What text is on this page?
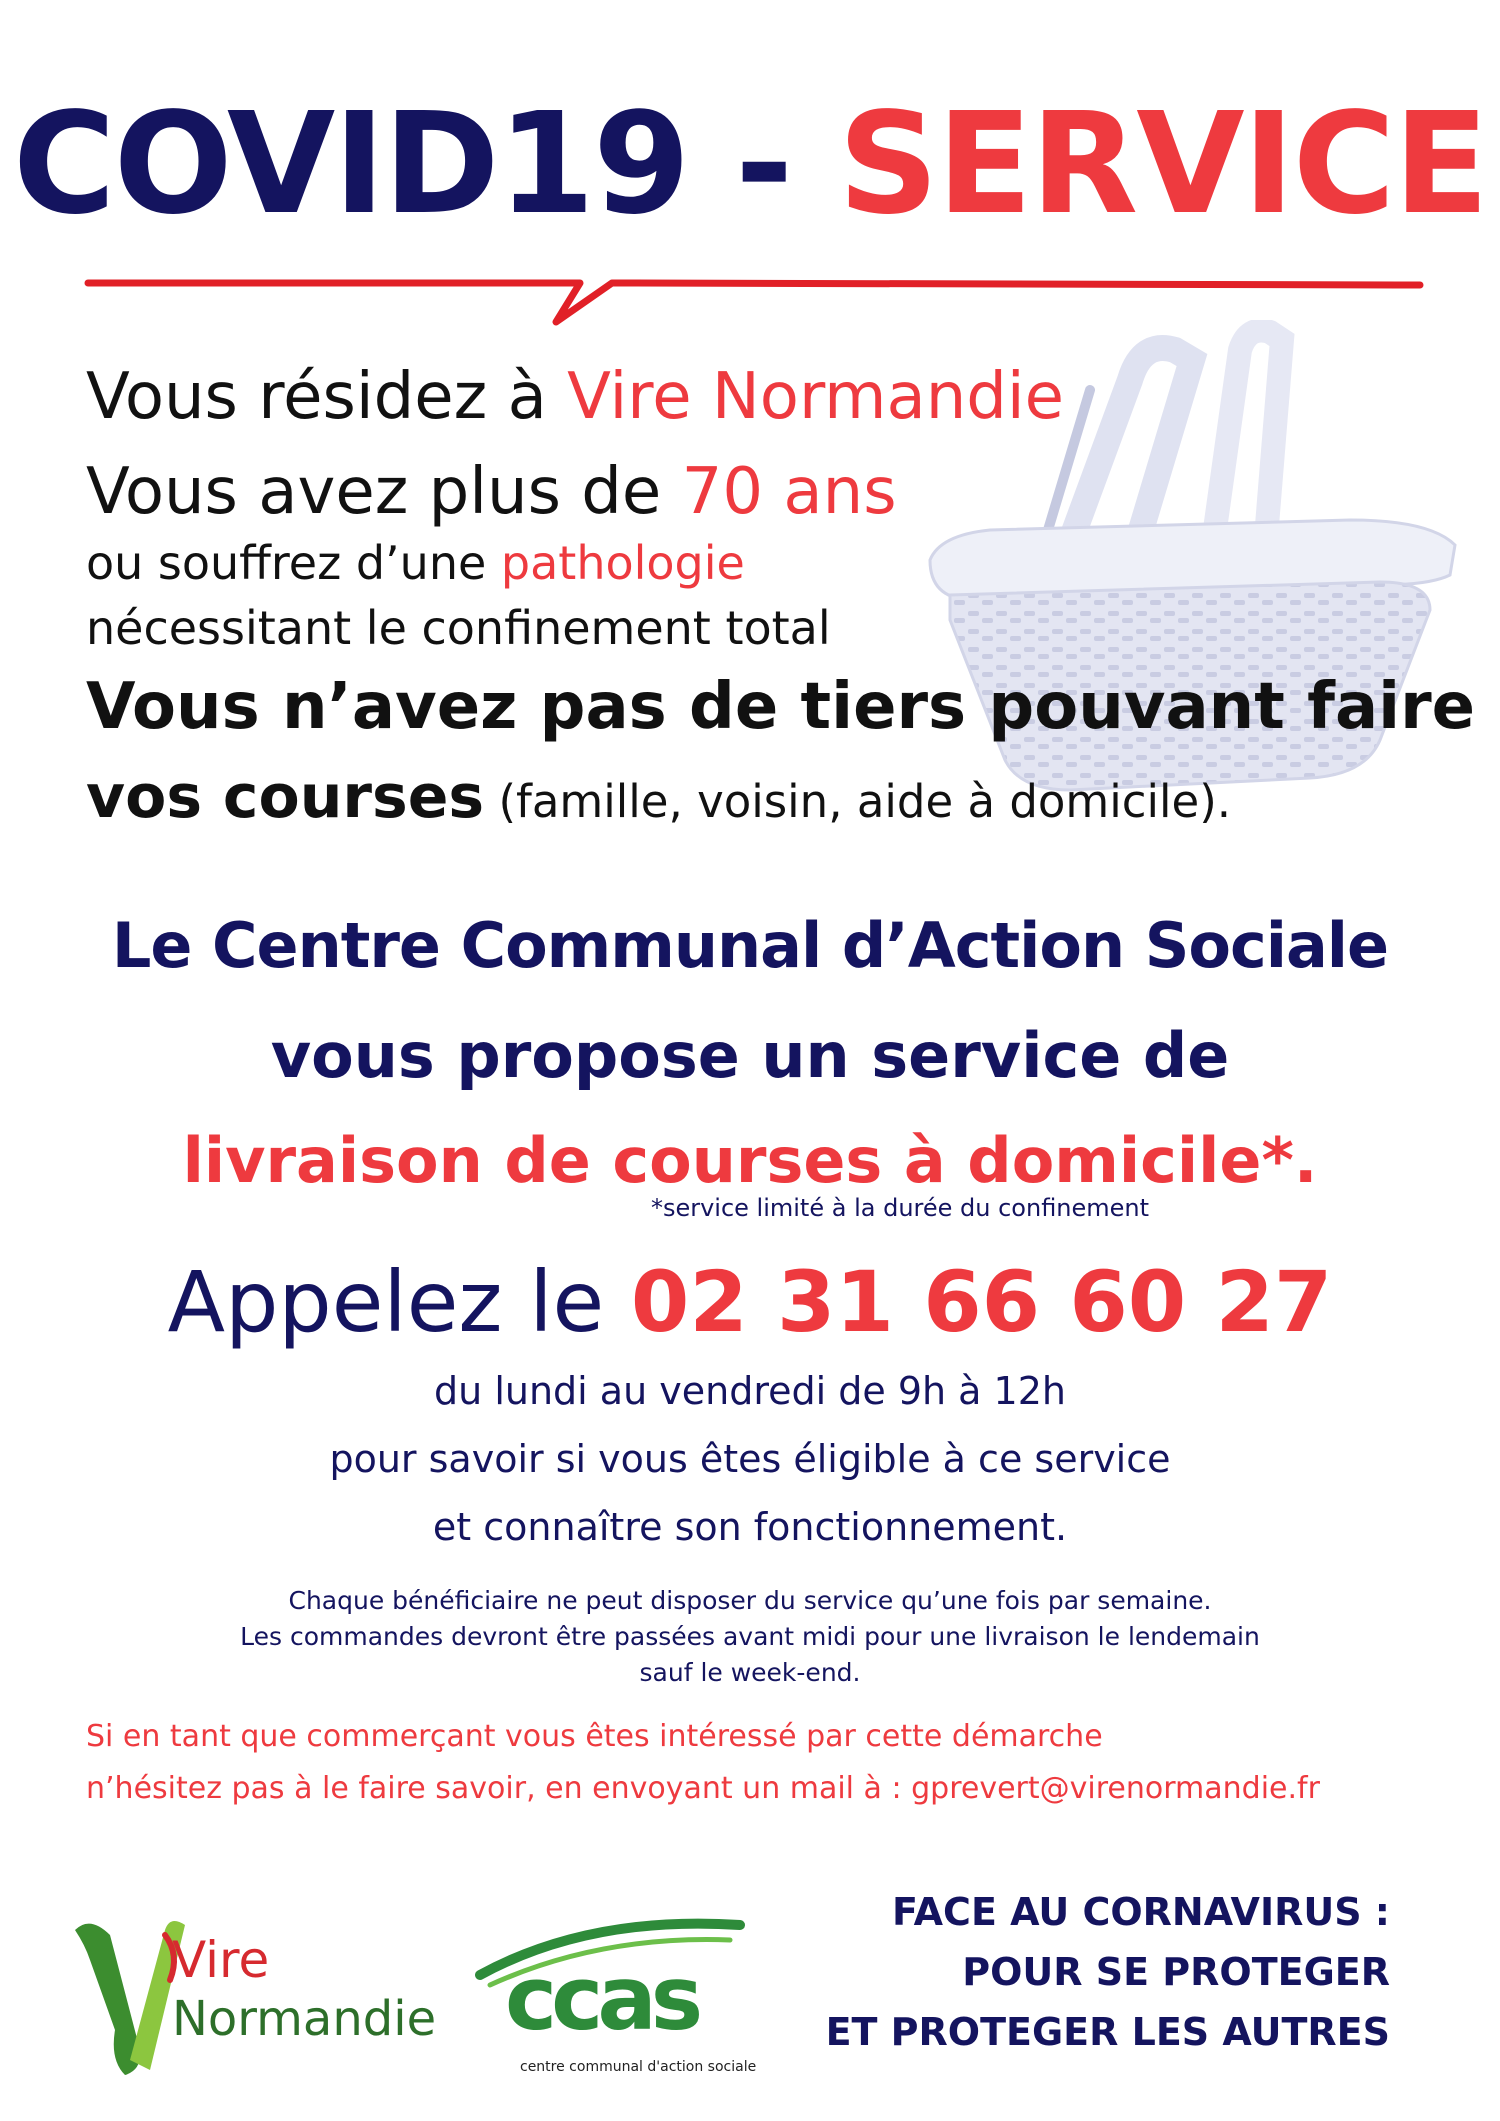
COVID19 - SERVICE
Vous résidez à Vire Normandie
Vous avez plus de 70 ans
ou souffrez d’une pathologie
nécessitant le confinement total
Vous n’avez pas de tiers pouvant faire
vos courses (famille, voisin, aide à domicile).
Le Centre Communal d’Action Sociale
vous propose un service de
livraison de courses à domicile*.
*service limité à la durée du confinement
Appelez le 02 31 66 60 27
du lundi au vendredi de 9h à 12h
pour savoir si vous êtes éligible à ce service
et connaître son fonctionnement.
Chaque bénéficiaire ne peut disposer du service qu’une fois par semaine.
Les commandes devront être passées avant midi pour une livraison le lendemain
sauf le week-end.
Si en tant que commerçant vous êtes intéressé par cette démarche
n’hésitez pas à le faire savoir, en envoyant un mail à : gprevert@virenormandie.fr
Vire
Normandie ccas
centre communal d'action sociale
FACE AU CORNAVIRUS :
POUR SE PROTEGER
ET PROTEGER LES AUTRES
